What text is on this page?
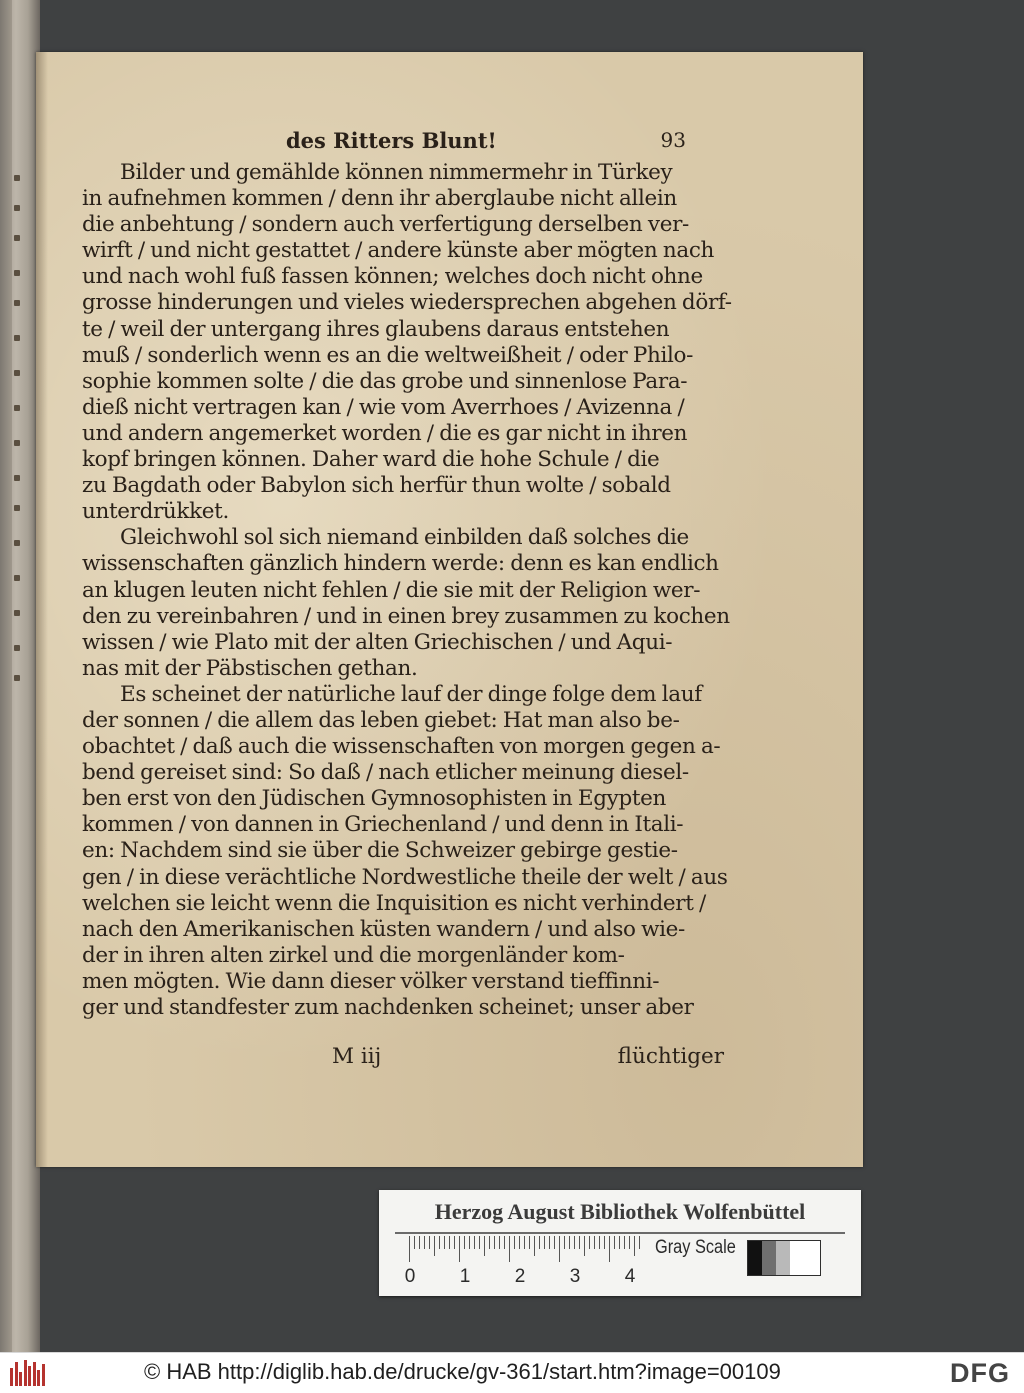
des Ritters Blunt!	93
Bilder und gemählde können nimmermehr in Türkey
in aufnehmen kommen / denn ihr aberglaube nicht allein
die anbehtung / sondern auch verfertigung derselben ver-
wirft / und nicht gestattet / andere künste aber mögten nach
und nach wohl fuß fassen können; welches doch nicht ohne
grosse hinderungen und vieles wiedersprechen abgehen dörf-
te / weil der untergang ihres glaubens daraus entstehen
muß / sonderlich wenn es an die weltweißheit / oder Philo-
sophie kommen solte / die das grobe und sinnenlose Para-
dieß nicht vertragen kan / wie vom Averrhoes / Avizenna /
und andern angemerket worden / die es gar nicht in ihren
kopf bringen können. Daher ward die hohe Schule / die
zu Bagdath oder Babylon sich herfür thun wolte / sobald
unterdrükket.
Gleichwohl sol sich niemand einbilden daß solches die
wissenschaften gänzlich hindern werde: denn es kan endlich
an klugen leuten nicht fehlen / die sie mit der Religion wer-
den zu vereinbahren / und in einen brey zusammen zu kochen
wissen / wie Plato mit der alten Griechischen / und Aqui-
nas mit der Päbstischen gethan.
Es scheinet der natürliche lauf der dinge folge dem lauf
der sonnen / die allem das leben giebet: Hat man also be-
obachtet / daß auch die wissenschaften von morgen gegen a-
bend gereiset sind: So daß / nach etlicher meinung diesel-
ben erst von den Jüdischen Gymnosophisten in Egypten
kommen / von dannen in Griechenland / und denn in Itali-
en: Nachdem sind sie über die Schweizer gebirge gestie-
gen / in diese verächtliche Nordwestliche theile der welt / aus
welchen sie leicht wenn die Inquisition es nicht verhindert /
nach den Amerikanischen küsten wandern / und also wie-
der in ihren alten zirkel und die morgenländer kom-
men mögten. Wie dann dieser völker verstand tieffinni-
ger und standfester zum nachdenken scheinet; unser aber
M iij	flüchtiger
Herzog August Bibliothek Wolfenbüttel
0 1 2 3 4
Gray Scale
© HAB http://diglib.hab.de/drucke/gv-361/start.htm?image=00109	DFG
